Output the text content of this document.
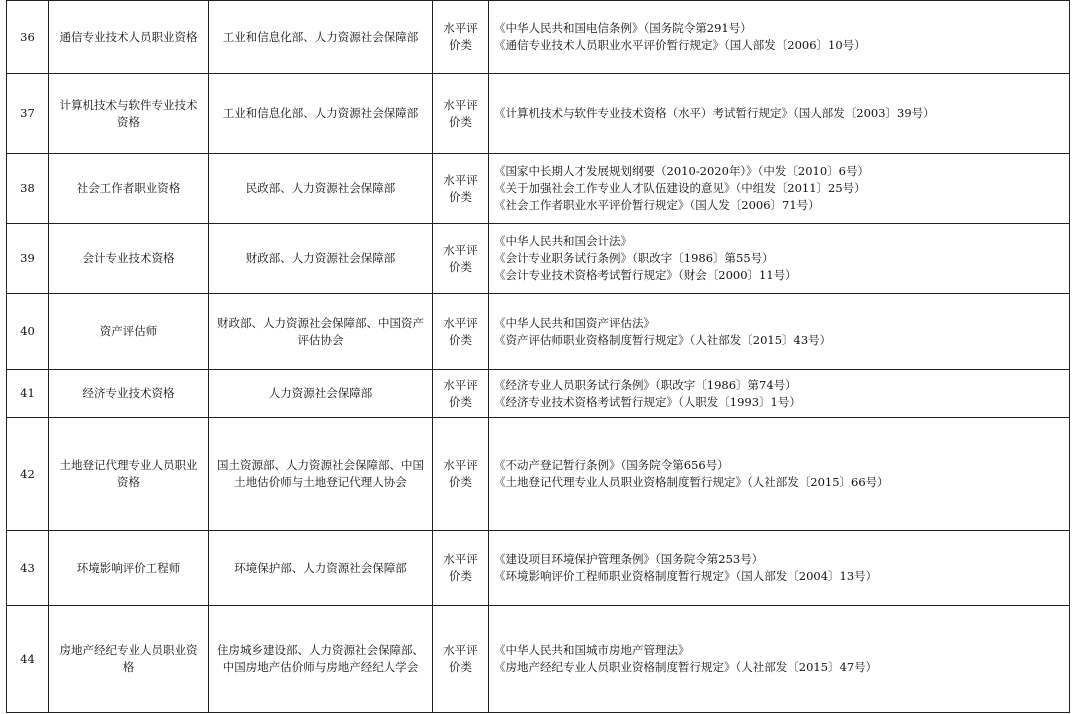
36	通信专业技术人员职业资格	工业和信息化部、人力资源社会保障部	水平评价类	《中华人民共和国电信条例》（国务院令第291号）
《通信专业技术人员职业水平评价暂行规定》（国人部发〔2006〕10号）

37	计算机技术与软件专业技术资格	工业和信息化部、人力资源社会保障部	水平评价类	《计算机技术与软件专业技术资格（水平）考试暂行规定》（国人部发〔2003〕39号）

38	社会工作者职业资格	民政部、人力资源社会保障部	水平评价类	《国家中长期人才发展规划纲要（2010-2020年）》（中发〔2010〕6号）
《关于加强社会工作专业人才队伍建设的意见》（中组发〔2011〕25号）
《社会工作者职业水平评价暂行规定》（国人发〔2006〕71号）

39	会计专业技术资格	财政部、人力资源社会保障部	水平评价类	《中华人民共和国会计法》
《会计专业职务试行条例》（职改字〔1986〕第55号）
《会计专业技术资格考试暂行规定》（财会〔2000〕11号）

40	资产评估师	财政部、人力资源社会保障部、中国资产评估协会	水平评价类	《中华人民共和国资产评估法》
《资产评估师职业资格制度暂行规定》（人社部发〔2015〕43号）

41	经济专业技术资格	人力资源社会保障部	水平评价类	《经济专业人员职务试行条例》（职改字〔1986〕第74号）
《经济专业技术资格考试暂行规定》（人职发〔1993〕1号）

42	土地登记代理专业人员职业资格	国土资源部、人力资源社会保障部、中国土地估价师与土地登记代理人协会	水平评价类	《不动产登记暂行条例》（国务院令第656号）
《土地登记代理专业人员职业资格制度暂行规定》（人社部发〔2015〕66号）

43	环境影响评价工程师	环境保护部、人力资源社会保障部	水平评价类	《建设项目环境保护管理条例》（国务院令第253号）
《环境影响评价工程师职业资格制度暂行规定》（国人部发〔2004〕13号）

44	房地产经纪专业人员职业资格	住房城乡建设部、人力资源社会保障部、中国房地产估价师与房地产经纪人学会	水平评价类	《中华人民共和国城市房地产管理法》
《房地产经纪专业人员职业资格制度暂行规定》（人社部发〔2015〕47号）
